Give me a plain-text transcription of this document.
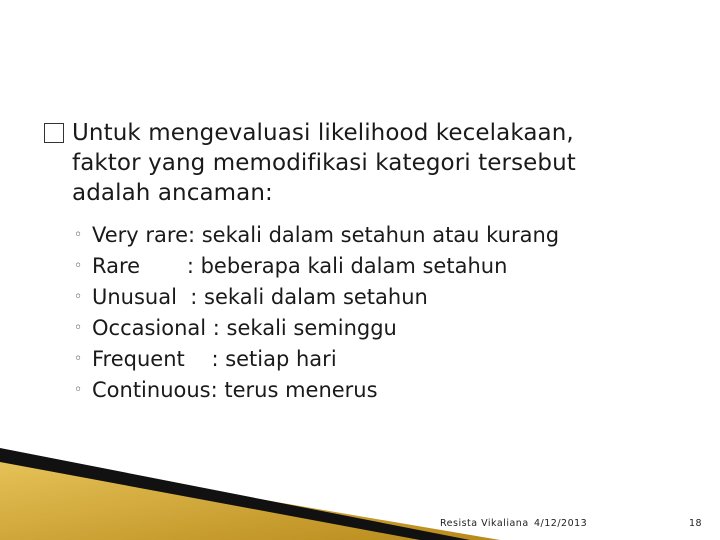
Untuk mengevaluasi likelihood kecelakaan,
faktor yang memodifikasi kategori tersebut
adalah ancaman:
◦ Very rare: sekali dalam setahun atau kurang
◦ Rare       : beberapa kali dalam setahun
◦ Unusual  : sekali dalam setahun
◦ Occasional : sekali seminggu
◦ Frequent    : setiap hari
◦ Continuous: terus menerus
Resista Vikaliana 4/12/2013	18
